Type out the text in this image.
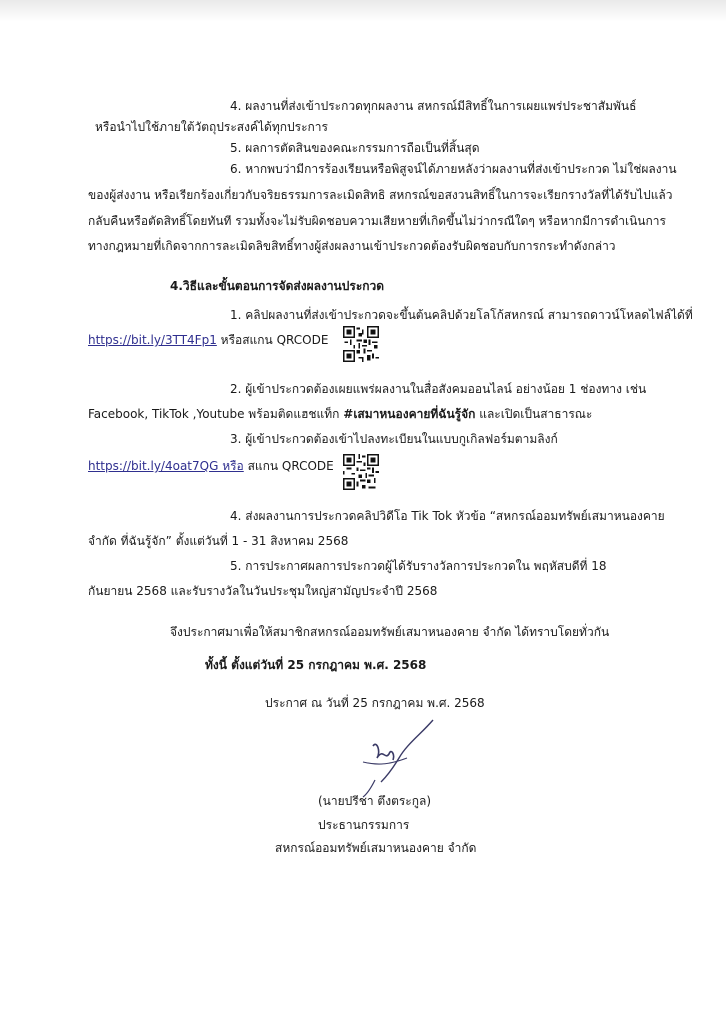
4. ผลงานที่ส่งเข้าประกวดทุกผลงาน สหกรณ์มีสิทธิ์ในการเผยแพร่ประชาสัมพันธ์
หรือนำไปใช้ภายใต้วัตถุประสงค์ได้ทุกประการ
5. ผลการตัดสินของคณะกรรมการถือเป็นที่สิ้นสุด
6. หากพบว่ามีการร้องเรียนหรือพิสูจน์ได้ภายหลังว่าผลงานที่ส่งเข้าประกวด ไม่ใช่ผลงาน
ของผู้ส่งงาน หรือเรียกร้องเกี่ยวกับจริยธรรมการละเมิดสิทธิ สหกรณ์ขอสงวนสิทธิ์ในการจะเรียกรางวัลที่ได้รับไปแล้ว
กลับคืนหรือตัดสิทธิ์โดยทันที รวมทั้งจะไม่รับผิดชอบความเสียหายที่เกิดขึ้นไม่ว่ากรณีใดๆ หรือหากมีการดำเนินการ
ทางกฎหมายที่เกิดจากการละเมิดลิขสิทธิ์ทางผู้ส่งผลงานเข้าประกวดต้องรับผิดชอบกับการกระทำดังกล่าว
4.วิธีและขั้นตอนการจัดส่งผลงานประกวด
1. คลิปผลงานที่ส่งเข้าประกวดจะขึ้นต้นคลิปด้วยโลโก้สหกรณ์ สามารถดาวน์โหลดไฟล์ได้ที่
https://bit.ly/3TT4Fp1 หรือสแกน QRCODE
2. ผู้เข้าประกวดต้องเผยแพร่ผลงานในสื่อสังคมออนไลน์ อย่างน้อย 1 ช่องทาง เช่น
Facebook, TikTok ,Youtube พร้อมติดแฮชแท็ก #เสมาหนองคายที่ฉันรู้จัก และเปิดเป็นสาธารณะ
3. ผู้เข้าประกวดต้องเข้าไปลงทะเบียนในแบบกูเกิลฟอร์มตามลิงก์
https://bit.ly/4oat7QG หรือ สแกน QRCODE
4. ส่งผลงานการประกวดคลิปวิดีโอ Tik Tok หัวข้อ “สหกรณ์ออมทรัพย์เสมาหนองคาย
จำกัด ที่ฉันรู้จัก” ตั้งแต่วันที่ 1 - 31 สิงหาคม 2568
5. การประกาศผลการประกวดผู้ได้รับรางวัลการประกวดใน พฤหัสบดีที่ 18
กันยายน 2568 และรับรางวัลในวันประชุมใหญ่สามัญประจำปี 2568
จึงประกาศมาเพื่อให้สมาชิกสหกรณ์ออมทรัพย์เสมาหนองคาย จำกัด ได้ทราบโดยทั่วกัน
ทั้งนี้ ตั้งแต่วันที่ 25 กรกฎาคม พ.ศ. 2568
ประกาศ ณ วันที่ 25 กรกฎาคม พ.ศ. 2568
(นายปรีชา ตึงตระกูล)
ประธานกรรมการ
สหกรณ์ออมทรัพย์เสมาหนองคาย จำกัด
